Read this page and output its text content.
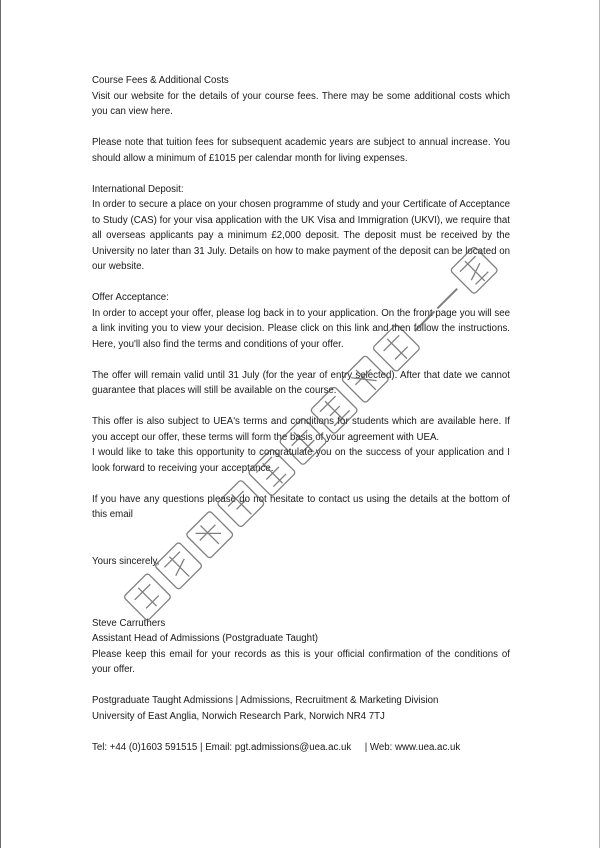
Course Fees & Additional Costs

Visit our website for the details of your course fees. There may be some additional costs which you can view here.

Please note that tuition fees for subsequent academic years are subject to annual increase. You should allow a minimum of £1015 per calendar month for living expenses.

International Deposit:

In order to secure a place on your chosen programme of study and your Certificate of Acceptance to Study (CAS) for your visa application with the UK Visa and Immigration (UKVI), we require that all overseas applicants pay a minimum £2,000 deposit. The deposit must be received by the University no later than 31 July. Details on how to make payment of the deposit can be located on our website.

Offer Acceptance:

In order to accept your offer, please log back in to your application. On the front page you will see a link inviting you to view your decision. Please click on this link and then follow the instructions. Here, you'll also find the terms and conditions of your offer.

The offer will remain valid until 31 July (for the year of entry selected). After that date we cannot guarantee that places will still be available on the course.

This offer is also subject to UEA's terms and conditions for students which are available here. If you accept our offer, these terms will form the basis of your agreement with UEA.

I would like to take this opportunity to congratulate you on the success of your application and I look forward to receiving your acceptance.

If you have any questions please do not hesitate to contact us using the details at the bottom of this email

Yours sincerely,

Steve Carruthers

Assistant Head of Admissions (Postgraduate Taught)

Please keep this email for your records as this is your official confirmation of the conditions of your offer.

Postgraduate Taught Admissions | Admissions, Recruitment & Marketing Division

University of East Anglia, Norwich Research Park, Norwich NR4 7TJ

Tel: +44 (0)1603 591515 | Email: pgt.admissions@uea.ac.uk     | Web: www.uea.ac.uk
